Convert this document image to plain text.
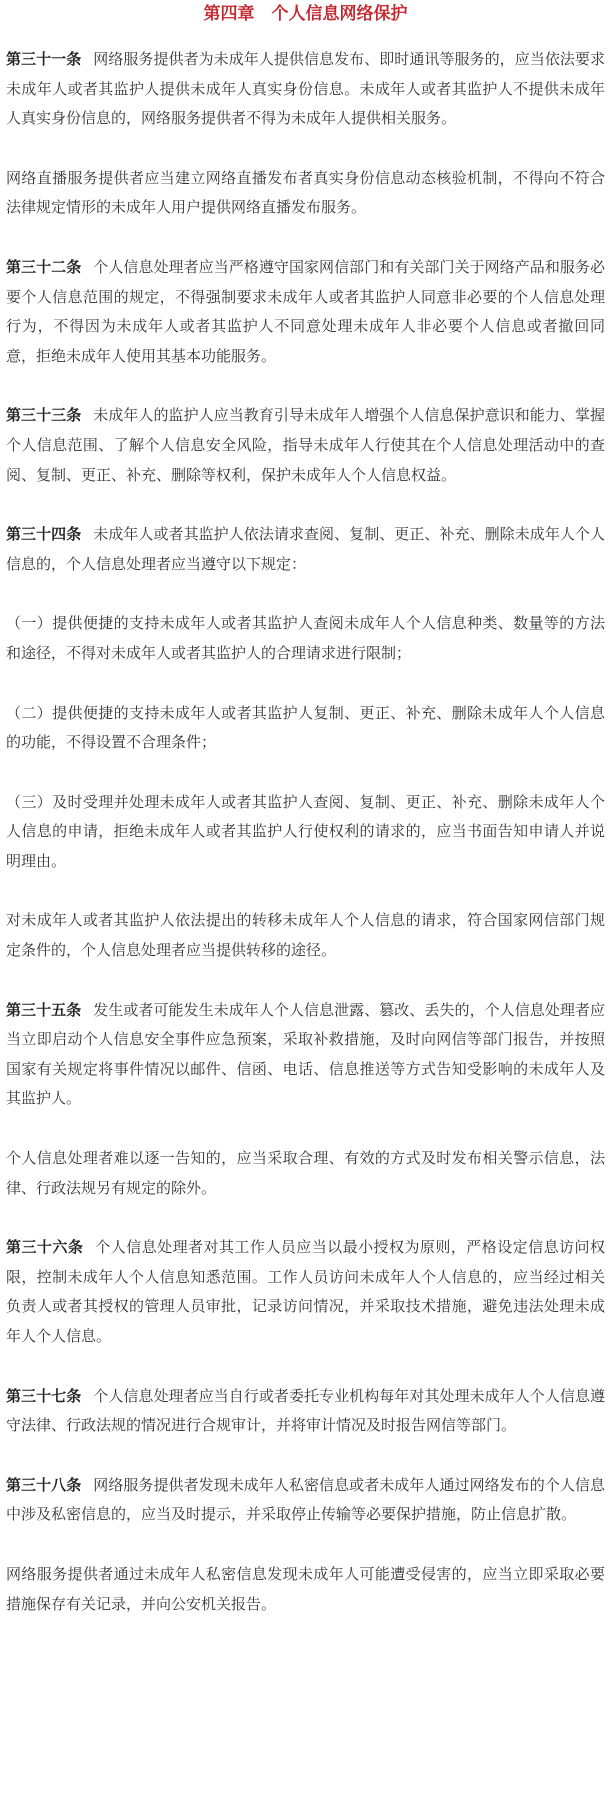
第四章　个人信息网络保护
第三十一条 网络服务提供者为未成年人提供信息发布、即时通讯等服务的，应当依法要求未成年人或者其监护人提供未成年人真实身份信息。未成年人或者其监护人不提供未成年人真实身份信息的，网络服务提供者不得为未成年人提供相关服务。
网络直播服务提供者应当建立网络直播发布者真实身份信息动态核验机制，不得向不符合法律规定情形的未成年人用户提供网络直播发布服务。
第三十二条 个人信息处理者应当严格遵守国家网信部门和有关部门关于网络产品和服务必要个人信息范围的规定，不得强制要求未成年人或者其监护人同意非必要的个人信息处理行为，不得因为未成年人或者其监护人不同意处理未成年人非必要个人信息或者撤回同意，拒绝未成年人使用其基本功能服务。
第三十三条 未成年人的监护人应当教育引导未成年人增强个人信息保护意识和能力、掌握个人信息范围、了解个人信息安全风险，指导未成年人行使其在个人信息处理活动中的查阅、复制、更正、补充、删除等权利，保护未成年人个人信息权益。
第三十四条 未成年人或者其监护人依法请求查阅、复制、更正、补充、删除未成年人个人信息的，个人信息处理者应当遵守以下规定：
（一）提供便捷的支持未成年人或者其监护人查阅未成年人个人信息种类、数量等的方法和途径，不得对未成年人或者其监护人的合理请求进行限制；
（二）提供便捷的支持未成年人或者其监护人复制、更正、补充、删除未成年人个人信息的功能，不得设置不合理条件；
（三）及时受理并处理未成年人或者其监护人查阅、复制、更正、补充、删除未成年人个人信息的申请，拒绝未成年人或者其监护人行使权利的请求的，应当书面告知申请人并说明理由。
对未成年人或者其监护人依法提出的转移未成年人个人信息的请求，符合国家网信部门规定条件的，个人信息处理者应当提供转移的途径。
第三十五条 发生或者可能发生未成年人个人信息泄露、篡改、丢失的，个人信息处理者应当立即启动个人信息安全事件应急预案，采取补救措施，及时向网信等部门报告，并按照国家有关规定将事件情况以邮件、信函、电话、信息推送等方式告知受影响的未成年人及其监护人。
个人信息处理者难以逐一告知的，应当采取合理、有效的方式及时发布相关警示信息，法律、行政法规另有规定的除外。
第三十六条 个人信息处理者对其工作人员应当以最小授权为原则，严格设定信息访问权限，控制未成年人个人信息知悉范围。工作人员访问未成年人个人信息的，应当经过相关负责人或者其授权的管理人员审批，记录访问情况，并采取技术措施，避免违法处理未成年人个人信息。
第三十七条 个人信息处理者应当自行或者委托专业机构每年对其处理未成年人个人信息遵守法律、行政法规的情况进行合规审计，并将审计情况及时报告网信等部门。
第三十八条 网络服务提供者发现未成年人私密信息或者未成年人通过网络发布的个人信息中涉及私密信息的，应当及时提示，并采取停止传输等必要保护措施，防止信息扩散。
网络服务提供者通过未成年人私密信息发现未成年人可能遭受侵害的，应当立即采取必要措施保存有关记录，并向公安机关报告。
